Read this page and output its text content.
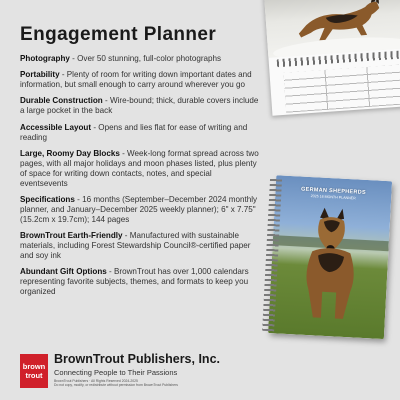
Engagement Planner

Photography - Over 50 stunning, full-color photographs

Portability - Plenty of room for writing down important dates and information, but small enough to carry around wherever you go

Durable Construction - Wire-bound; thick, durable covers include a large pocket in the back

Accessible Layout - Opens and lies flat for ease of writing and reading

Large, Roomy Day Blocks - Week-long format spread across two pages, with all major holidays and moon phases listed, plus plenty of space for writing down contacts, notes, and special eventsevents

Specifications - 16 months (September–December 2024 monthly planner, and January–December 2025 weekly planner); 6" x 7.75" (15.2cm x 19.7cm); 144 pages

BrownTrout Earth-Friendly - Manufactured with sustainable materials, including Forest Stewardship Council®-certified paper and soy ink

Abundant Gift Options - BrownTrout has over 1,000 calendars representing favorite subjects, themes, and formats to keep you organized

GERMAN SHEPHERDS
2025 16 MONTH PLANNER
brown
trout
BrownTrout Publishers, Inc.
Connecting People to Their Passions
BrownTrout Publishers · All Rights Reserved 2024-2025
Do not copy, modify, or redistribute without permission from BrownTrout Publishers
